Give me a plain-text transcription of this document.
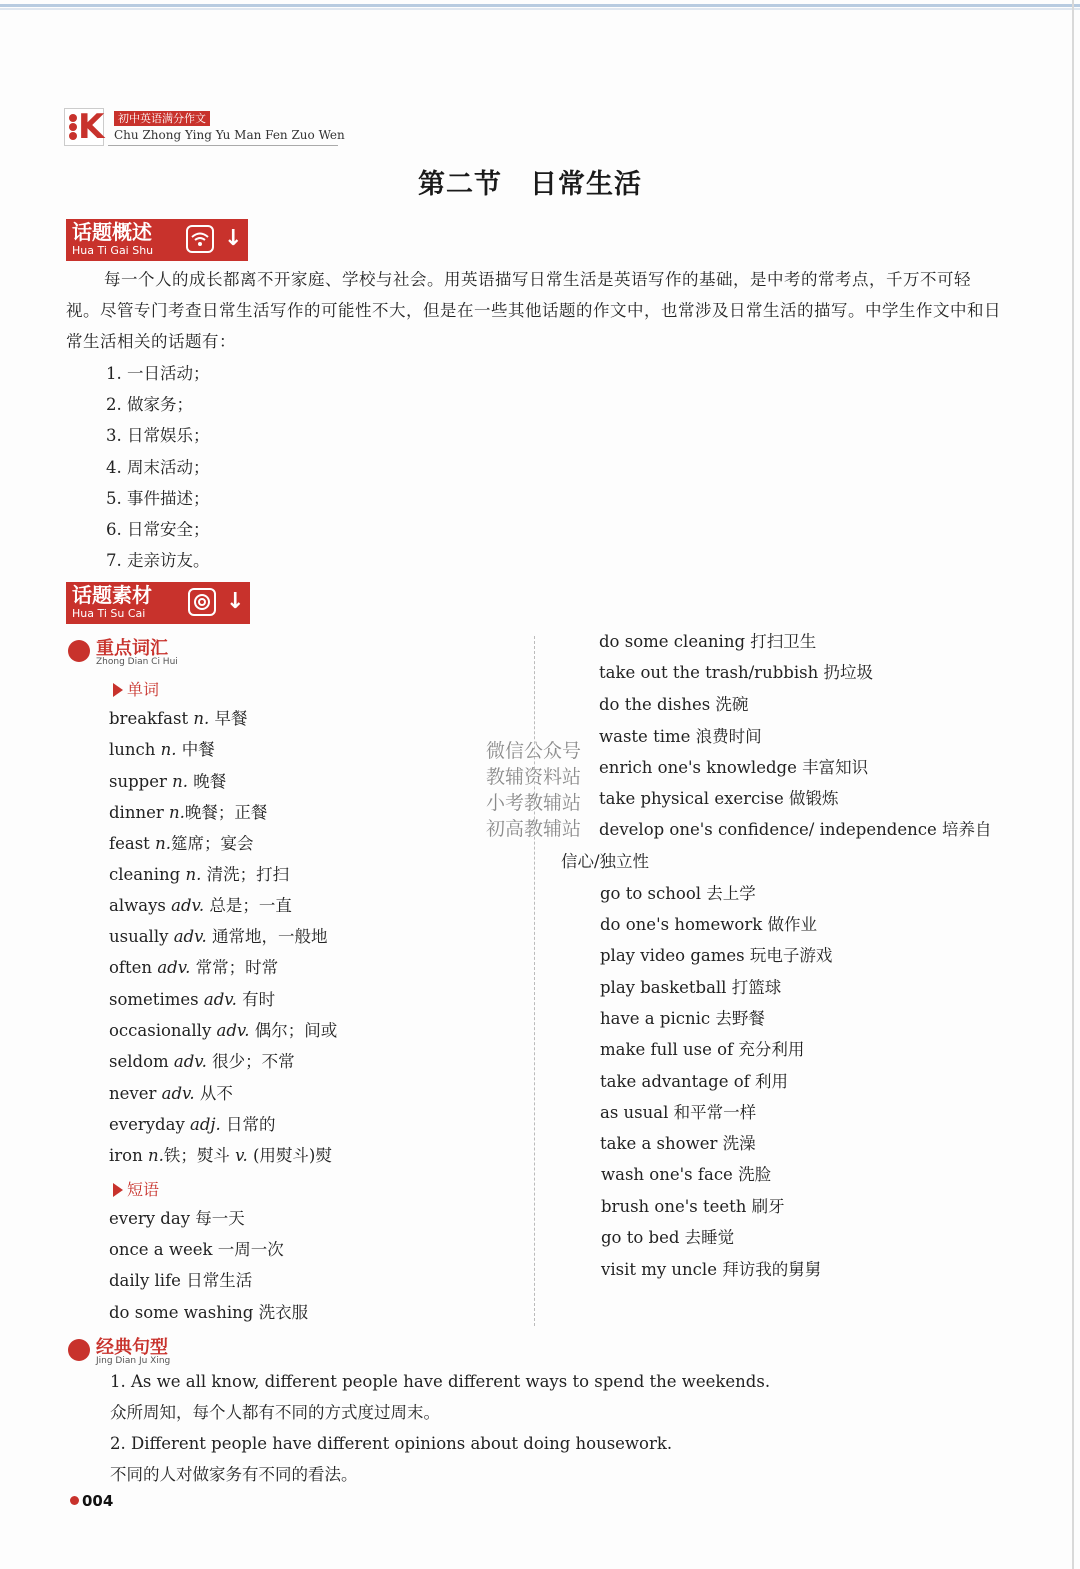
K	初中英语满分作文
Chu Zhong Ying Yu Man Fen Zuo Wen
第二节 日常生活
话题概述
Hua Ti Gai Shu	↓
每一个人的成长都离不开家庭、学校与社会。用英语描写日常生活是英语写作的基础，是中考的常考点，千万不可轻视。尽管专门考查日常生活写作的可能性不大，但是在一些其他话题的作文中，也常涉及日常生活的描写。中学生作文中和日常生活相关的话题有：
1. 一日活动；
2. 做家务；
3. 日常娱乐；
4. 周末活动；
5. 事件描述；
6. 日常安全；
7. 走亲访友。
话题素材
Hua Ti Su Cai	↓
重点词汇
Zhong Dian Ci Hui
单词
breakfast n. 早餐
lunch n. 中餐
supper n. 晚餐
dinner n.晚餐；正餐
feast n.筵席；宴会
cleaning n. 清洗；打扫
always adv. 总是；一直
usually adv. 通常地，一般地
often adv. 常常；时常
sometimes adv. 有时
occasionally adv. 偶尔；间或
seldom adv. 很少；不常
never adv. 从不
everyday adj. 日常的
iron n.铁；熨斗 v. (用熨斗)熨
短语
every day 每一天
once a week 一周一次
daily life 日常生活
do some washing 洗衣服
do some cleaning 打扫卫生
take out the trash/rubbish 扔垃圾
do the dishes 洗碗
waste time 浪费时间
enrich one's knowledge 丰富知识
take physical exercise 做锻炼
develop one's confidence/ independence 培养自
信心/独立性
go to school 去上学
do one's homework 做作业
play video games 玩电子游戏
play basketball 打篮球
have a picnic 去野餐
make full use of 充分利用
take advantage of 利用
as usual 和平常一样
take a shower 洗澡
wash one's face 洗脸
brush one's teeth 刷牙
go to bed 去睡觉
visit my uncle 拜访我的舅舅
微信公众号
教辅资料站
小考教辅站
初高教辅站
经典句型
Jing Dian Ju Xing
1. As we all know, different people have different ways to spend the weekends.
众所周知，每个人都有不同的方式度过周末。
2. Different people have different opinions about doing housework.
不同的人对做家务有不同的看法。
004
